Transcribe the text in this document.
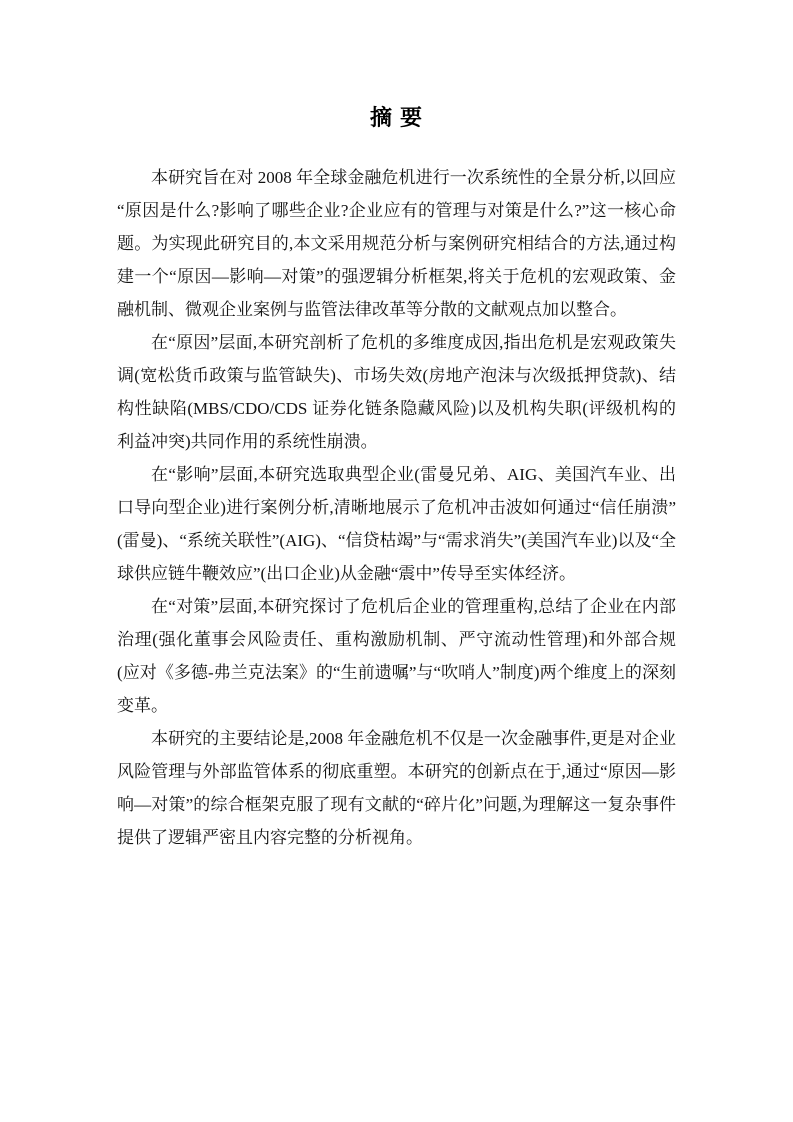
摘 要

本研究旨在对 2008 年全球金融危机进行一次系统性的全景分析,以回应“原因是什么?影响了哪些企业?企业应有的管理与对策是什么?”这一核心命题。为实现此研究目的,本文采用规范分析与案例研究相结合的方法,通过构建一个“原因—影响—对策”的强逻辑分析框架,将关于危机的宏观政策、金融机制、微观企业案例与监管法律改革等分散的文献观点加以整合。

在“原因”层面,本研究剖析了危机的多维度成因,指出危机是宏观政策失调(宽松货币政策与监管缺失)、市场失效(房地产泡沫与次级抵押贷款)、结构性缺陷(MBS/CDO/CDS 证券化链条隐藏风险)以及机构失职(评级机构的利益冲突)共同作用的系统性崩溃。

在“影响”层面,本研究选取典型企业(雷曼兄弟、AIG、美国汽车业、出口导向型企业)进行案例分析,清晰地展示了危机冲击波如何通过“信任崩溃”(雷曼)、“系统关联性”(AIG)、“信贷枯竭”与“需求消失”(美国汽车业)以及“全球供应链牛鞭效应”(出口企业)从金融“震中”传导至实体经济。

在“对策”层面,本研究探讨了危机后企业的管理重构,总结了企业在内部治理(强化董事会风险责任、重构激励机制、严守流动性管理)和外部合规(应对《多德-弗兰克法案》的“生前遗嘱”与“吹哨人”制度)两个维度上的深刻变革。

本研究的主要结论是,2008 年金融危机不仅是一次金融事件,更是对企业风险管理与外部监管体系的彻底重塑。本研究的创新点在于,通过“原因—影响—对策”的综合框架克服了现有文献的“碎片化”问题,为理解这一复杂事件提供了逻辑严密且内容完整的分析视角。
